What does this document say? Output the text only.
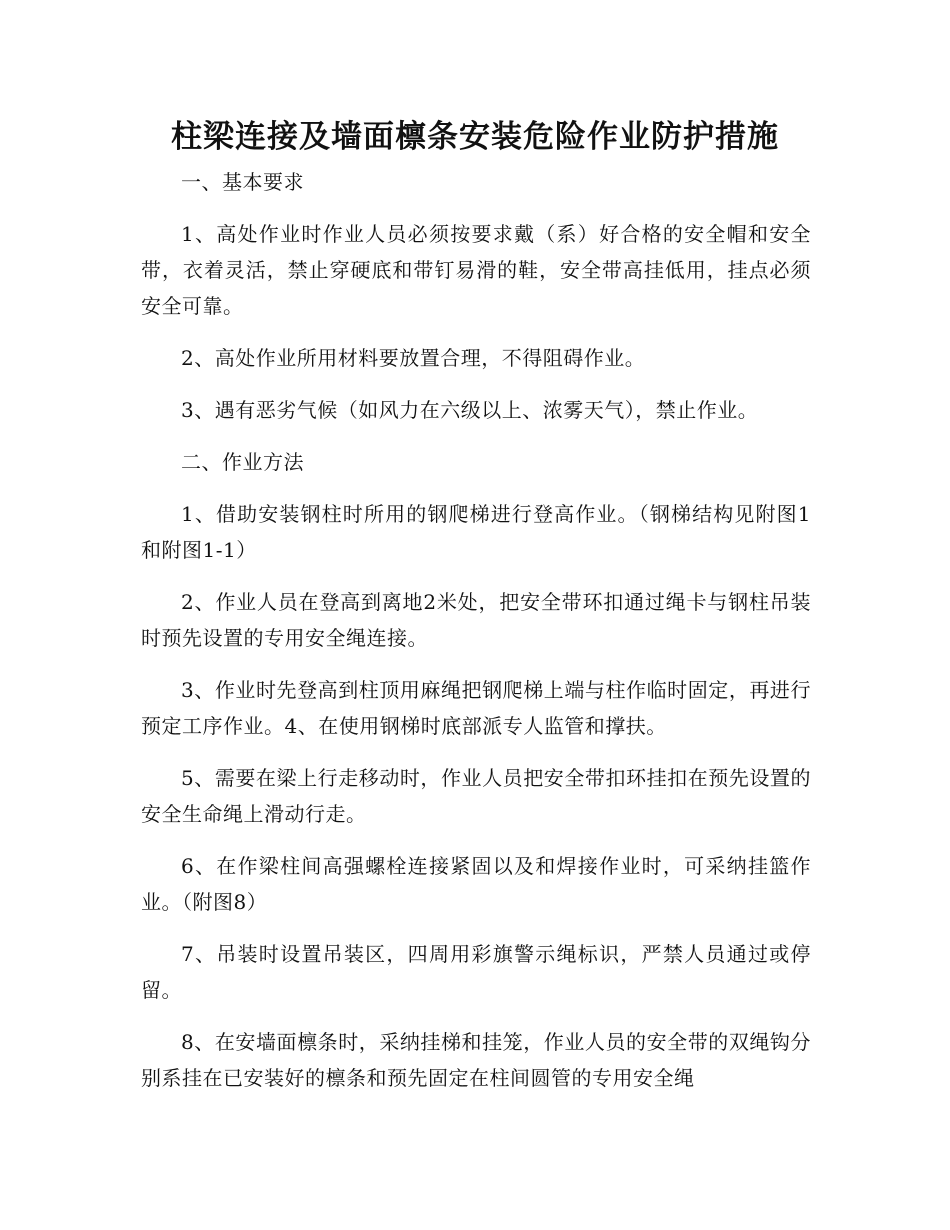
柱梁连接及墙面檩条安装危险作业防护措施

一、基本要求

1、高处作业时作业人员必须按要求戴（系）好合格的安全帽和安全带，衣着灵活，禁止穿硬底和带钉易滑的鞋，安全带高挂低用，挂点必须安全可靠。

2、高处作业所用材料要放置合理，不得阻碍作业。

3、遇有恶劣气候（如风力在六级以上、浓雾天气），禁止作业。

二、作业方法

1、借助安装钢柱时所用的钢爬梯进行登高作业。（钢梯结构见附图1和附图1-1）

2、作业人员在登高到离地2米处，把安全带环扣通过绳卡与钢柱吊装时预先设置的专用安全绳连接。

3、作业时先登高到柱顶用麻绳把钢爬梯上端与柱作临时固定，再进行预定工序作业。4、在使用钢梯时底部派专人监管和撑扶。

5、需要在梁上行走移动时，作业人员把安全带扣环挂扣在预先设置的安全生命绳上滑动行走。

6、在作梁柱间高强螺栓连接紧固以及和焊接作业时，可采纳挂篮作业。（附图8）

7、吊装时设置吊装区，四周用彩旗警示绳标识，严禁人员通过或停留。

8、在安墙面檩条时，采纳挂梯和挂笼，作业人员的安全带的双绳钩分别系挂在已安装好的檩条和预先固定在柱间圆管的专用安全绳
